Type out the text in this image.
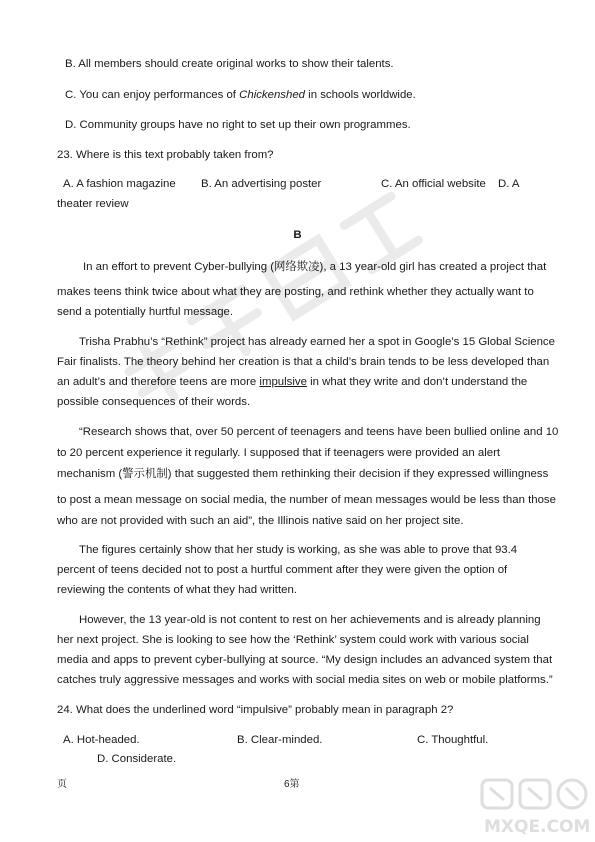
B. All members should create original works to show their talents.
C. You can enjoy performances of Chickenshed in schools worldwide.
D. Community groups have no right to set up their own programmes.
23. Where is this text probably taken from?
A. A fashion magazine B. An advertising poster	C. An official website D. A
theater review
B
In an effort to prevent Cyber-bullying (网络欺凌), a 13 year-old girl has created a project that
makes teens think twice about what they are posting, and rethink whether they actually want to
send a potentially hurtful message.
Trisha Prabhu’s “Rethink” project has already earned her a spot in Google’s 15 Global Science
Fair finalists. The theory behind her creation is that a child’s brain tends to be less developed than
an adult’s and therefore teens are more impulsive in what they write and don’t understand the
possible consequences of their words.
“Research shows that, over 50 percent of teenagers and teens have been bullied online and 10
to 20 percent experience it regularly. I supposed that if teenagers were provided an alert
mechanism (警示机制) that suggested them rethinking their decision if they expressed willingness
to post a mean message on social media, the number of mean messages would be less than those
who are not provided with such an aid”, the Illinois native said on her project site.
The figures certainly show that her study is working, as she was able to prove that 93.4
percent of teens decided not to post a hurtful comment after they were given the option of
reviewing the contents of what they had written.
However, the 13 year-old is not content to rest on her achievements and is already planning
her next project. She is looking to see how the ‘Rethink’ system could work with various social
media and apps to prevent cyber-bullying at source. “My design includes an advanced system that
catches truly aggressive messages and works with social media sites on web or mobile platforms.”
24. What does the underlined word “impulsive” probably mean in paragraph 2?
A. Hot-headed.	B. Clear-minded.	C. Thoughtful.
D. Considerate.
页	6第
MXQE.COM
